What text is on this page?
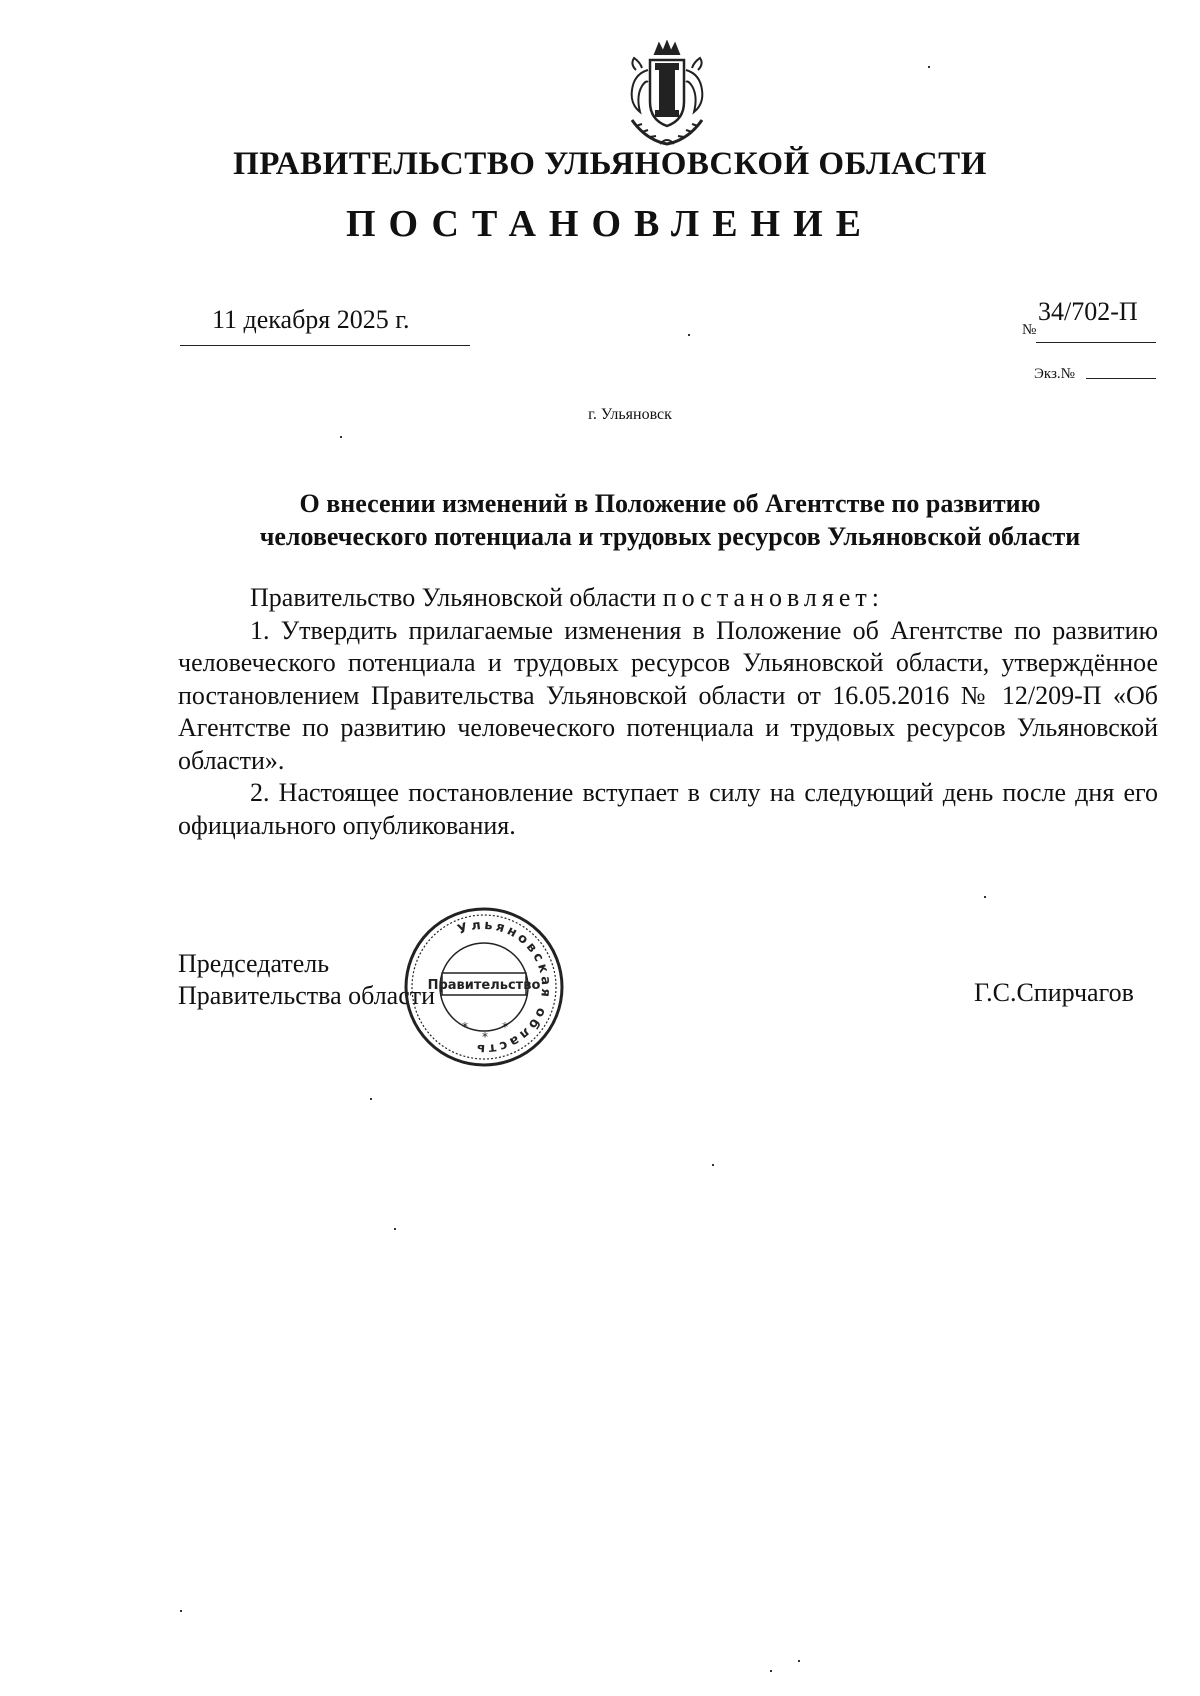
ПРАВИТЕЛЬСТВО УЛЬЯНОВСКОЙ ОБЛАСТИ
ПОСТАНОВЛЕНИЕ
11 декабря 2025 г.	№
34/702-П
Экз.№
г. Ульяновск
О внесении изменений в Положение об Агентстве по развитию
человеческого потенциала и трудовых ресурсов Ульяновской области

Правительство Ульяновской области постановляет:

1. Утвердить прилагаемые изменения в Положение об Агентстве по развитию человеческого потенциала и трудовых ресурсов Ульяновской области, утверждённое постановлением Правительства Ульяновской области от 16.05.2016 № 12/209-П «Об Агентстве по развитию человеческого потенциала и трудовых ресурсов Ульяновской области».

2. Настоящее постановление вступает в силу на следующий день после дня его официального опубликования.

Председатель
Правительства области	Г.С.Спирчагов
Ульяновская область
Правительство
*
*
*
